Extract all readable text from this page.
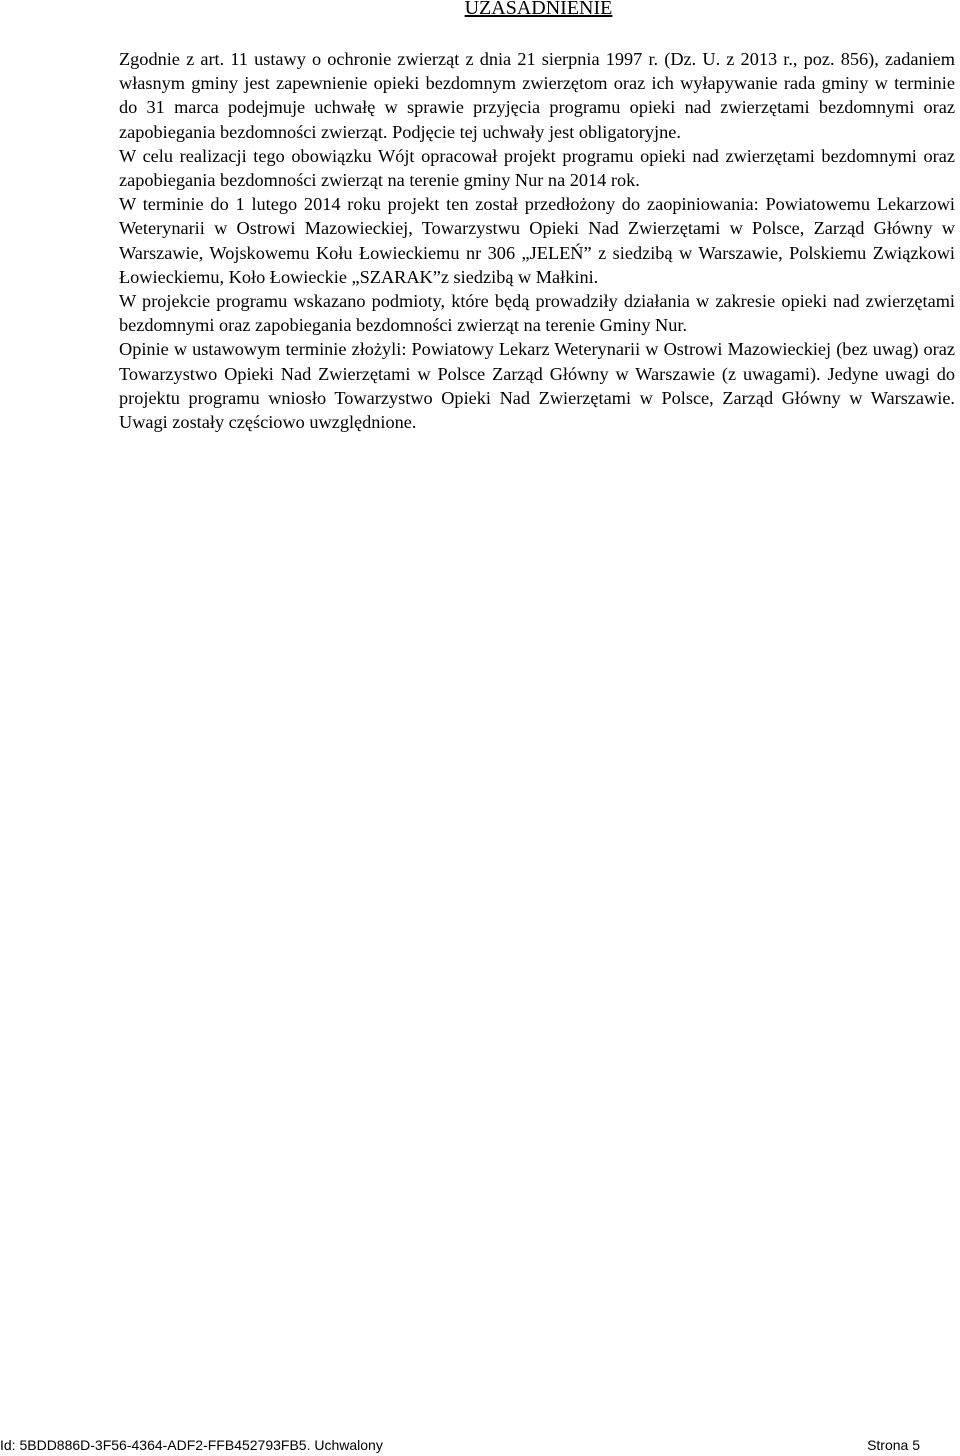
UZASADNIENIE

Zgodnie z art. 11 ustawy o ochronie zwierząt z dnia 21 sierpnia 1997 r. (Dz. U. z 2013 r., poz. 856), zadaniem własnym gminy jest zapewnienie opieki bezdomnym zwierzętom oraz ich wyłapywanie rada gminy w terminie do 31 marca podejmuje uchwałę w sprawie przyjęcia programu opieki nad zwierzętami bezdomnymi oraz zapobiegania bezdomności zwierząt. Podjęcie tej uchwały jest obligatoryjne.

W celu realizacji tego obowiązku Wójt opracował projekt programu opieki nad zwierzętami bezdomnymi oraz zapobiegania bezdomności zwierząt na terenie gminy Nur na 2014 rok.

W terminie do 1 lutego 2014 roku projekt ten został przedłożony do zaopiniowania: Powiatowemu Lekarzowi Weterynarii w Ostrowi Mazowieckiej, Towarzystwu Opieki Nad Zwierzętami w Polsce, Zarząd Główny w Warszawie, Wojskowemu Kołu Łowieckiemu nr 306 „JELEŃ” z siedzibą w Warszawie, Polskiemu Związkowi Łowieckiemu, Koło Łowieckie „SZARAK”z siedzibą w Małkini.

W projekcie programu wskazano podmioty, które będą prowadziły działania w zakresie opieki nad zwierzętami bezdomnymi oraz zapobiegania bezdomności zwierząt na terenie Gminy Nur.

Opinie w ustawowym terminie złożyli: Powiatowy Lekarz Weterynarii w Ostrowi Mazowieckiej (bez uwag) oraz Towarzystwo Opieki Nad Zwierzętami w Polsce Zarząd Główny w Warszawie (z uwagami). Jedyne uwagi do projektu programu wniosło Towarzystwo Opieki Nad Zwierzętami w Polsce, Zarząd Główny w Warszawie. Uwagi zostały częściowo uwzględnione.

Id: 5BDD886D-3F56-4364-ADF2-FFB452793FB5. Uchwalony	Strona 5
